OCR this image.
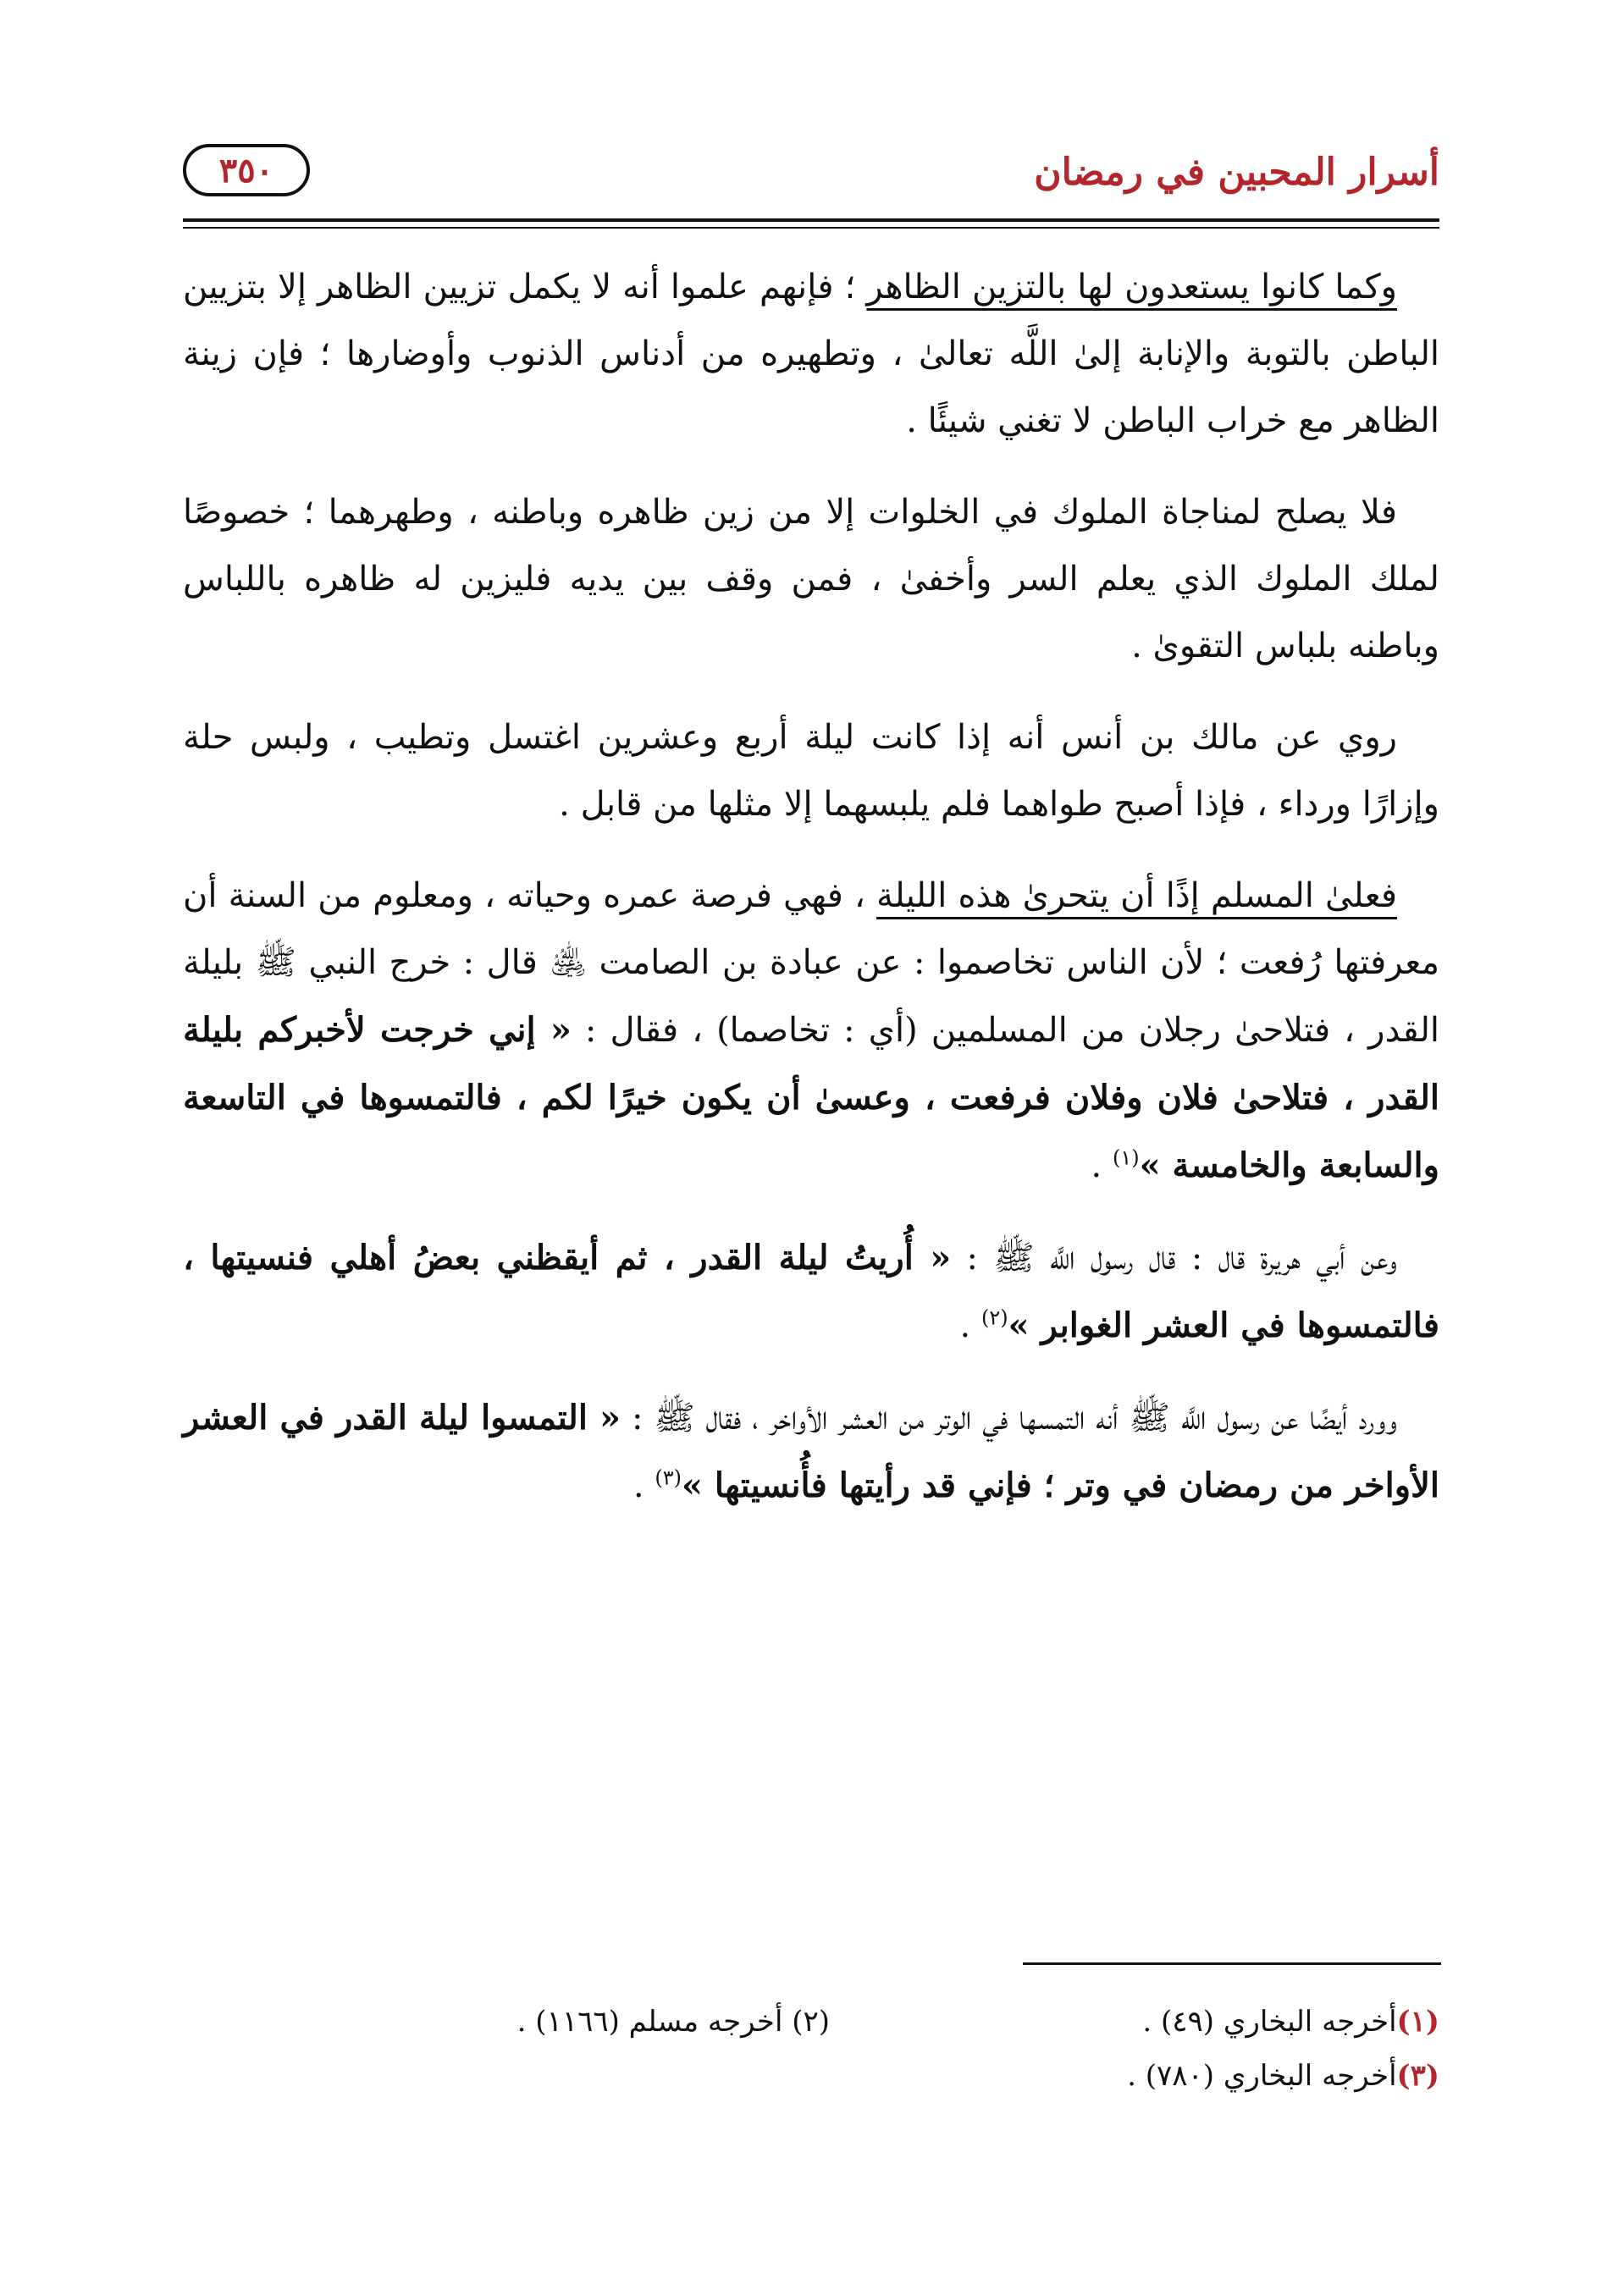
أسرار المحبين في رمضان
٣٥٠

وكما كانوا يستعدون لها بالتزين الظاهر ؛ فإنهم علموا أنه لا يكمل تزيين الظاهر إلا بتزيين الباطن بالتوبة والإنابة إلىٰ اللَّه تعالىٰ ، وتطهيره من أدناس الذنوب وأوضارها ؛ فإن زينة الظاهر مع خراب الباطن لا تغني شيئًا .

فلا يصلح لمناجاة الملوك في الخلوات إلا من زين ظاهره وباطنه ، وطهرهما ؛ خصوصًا لملك الملوك الذي يعلم السر وأخفىٰ ، فمن وقف بين يديه فليزين له ظاهره باللباس وباطنه بلباس التقوىٰ .

روي عن مالك بن أنس أنه إذا كانت ليلة أربع وعشرين اغتسل وتطيب ، ولبس حلة وإزارًا ورداء ، فإذا أصبح طواهما فلم يلبسهما إلا مثلها من قابل .

فعلىٰ المسلم إذًا أن يتحرىٰ هذه الليلة ، فهي فرصة عمره وحياته ، ومعلوم من السنة أن معرفتها رُفعت ؛ لأن الناس تخاصموا : عن عبادة بن الصامت ﵁ قال : خرج النبي ﷺ بليلة القدر ، فتلاحىٰ رجلان من المسلمين (أي : تخاصما) ، فقال : « إني خرجت لأخبركم بليلة القدر ، فتلاحىٰ فلان وفلان فرفعت ، وعسىٰ أن يكون خيرًا لكم ، فالتمسوها في التاسعة والسابعة والخامسة »$^{(١)}$ .

وعن أبي هريرة قال : قال رسول اللَّه ﷺ : « أُريتُ ليلة القدر ، ثم أيقظني بعضُ أهلي فنسيتها ، فالتمسوها في العشر الغوابر »$^{(٢)}$ .

وورد أيضًا عن رسول اللَّه ﷺ أنه التمسها في الوتر من العشر الأواخر ، فقال ﷺ : « التمسوا ليلة القدر في العشر الأواخر من رمضان في وتر ؛ فإني قد رأيتها فأُنسيتها »$^{(٣)}$ .

(١)أخرجه البخاري (٤٩) .
(٢) أخرجه مسلم (١١٦٦) .
(٣)أخرجه البخاري (٧٨٠) .
